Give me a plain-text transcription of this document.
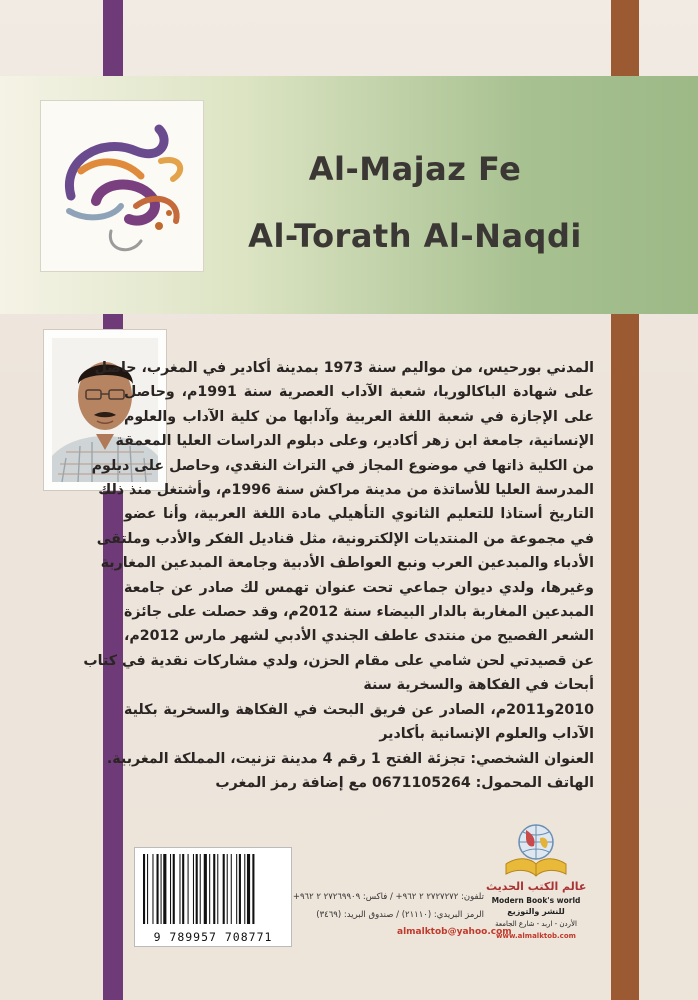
Al-Majaz Fe
Al-Torath Al-Naqdi
المدني بورحيس، من مواليم سنة 1973 بمدينة أكادير في المغرب، حاصل
على شهادة الباكالوريا، شعبة الآداب العصرية سنة 1991م، وحاصل
على الإجازة في شعبة اللغة العربية وآدابها من كلية الآداب والعلوم
الإنسانية، جامعة ابن زهر أكادير، وعلى دبلوم الدراسات العليا المعمقة
من الكلية ذاتها في موضوع المجاز في التراث النقدي، وحاصل على دبلوم
المدرسة العليا للأساتذة من مدينة مراكش سنة 1996م، وأشتغل منذ ذلك
التاريخ أستاذا للتعليم الثانوي التأهيلي مادة اللغة العربية، وأنا عضو
في مجموعة من المنتديات الإلكترونية، مثل قناديل الفكر والأدب وملتقى
الأدباء والمبدعين العرب ونبع العواطف الأدبية وجامعة المبدعين المغاربة
وغيرها، ولدي ديوان جماعي تحت عنوان تهمس لك صادر عن جامعة
المبدعين المغاربة بالدار البيضاء سنة 2012م، وقد حصلت على جائزة
الشعر الفصيح من منتدى عاطف الجندي الأدبي لشهر مارس 2012م،
عن قصيدتي لحن شامي على مقام الحزن، ولدي مشاركات نقدية في كتاب
أبحاث في الفكاهة والسخرية سنة
2010و2011م، الصادر عن فريق البحث في الفكاهة والسخرية بكلية
الآداب والعلوم الإنسانية بأكادير
العنوان الشخصي: تجزئة الفتح 1 رقم 4 مدينة تزنيت، المملكة المغربية.
الهاتف المحمول: 0671105264 مع إضافة رمز المغرب
9 789957 708771
تلفون: ٢٧٢٧٢٧٢ ٢ ٩٦٢+ / فاكس: ٢٧٢٦٩٩٠٩ ٢ ٩٦٢+
الرمز البريدي: (٢١١١٠) / صندوق البريد: (٣٤٦٩)
almalktob@yahoo.com
عالم الكتب الحديث
Modern Book's world
للنشر والتوزيع
الأردن - اربد - شارع الجامعة
www.almalktob.com
